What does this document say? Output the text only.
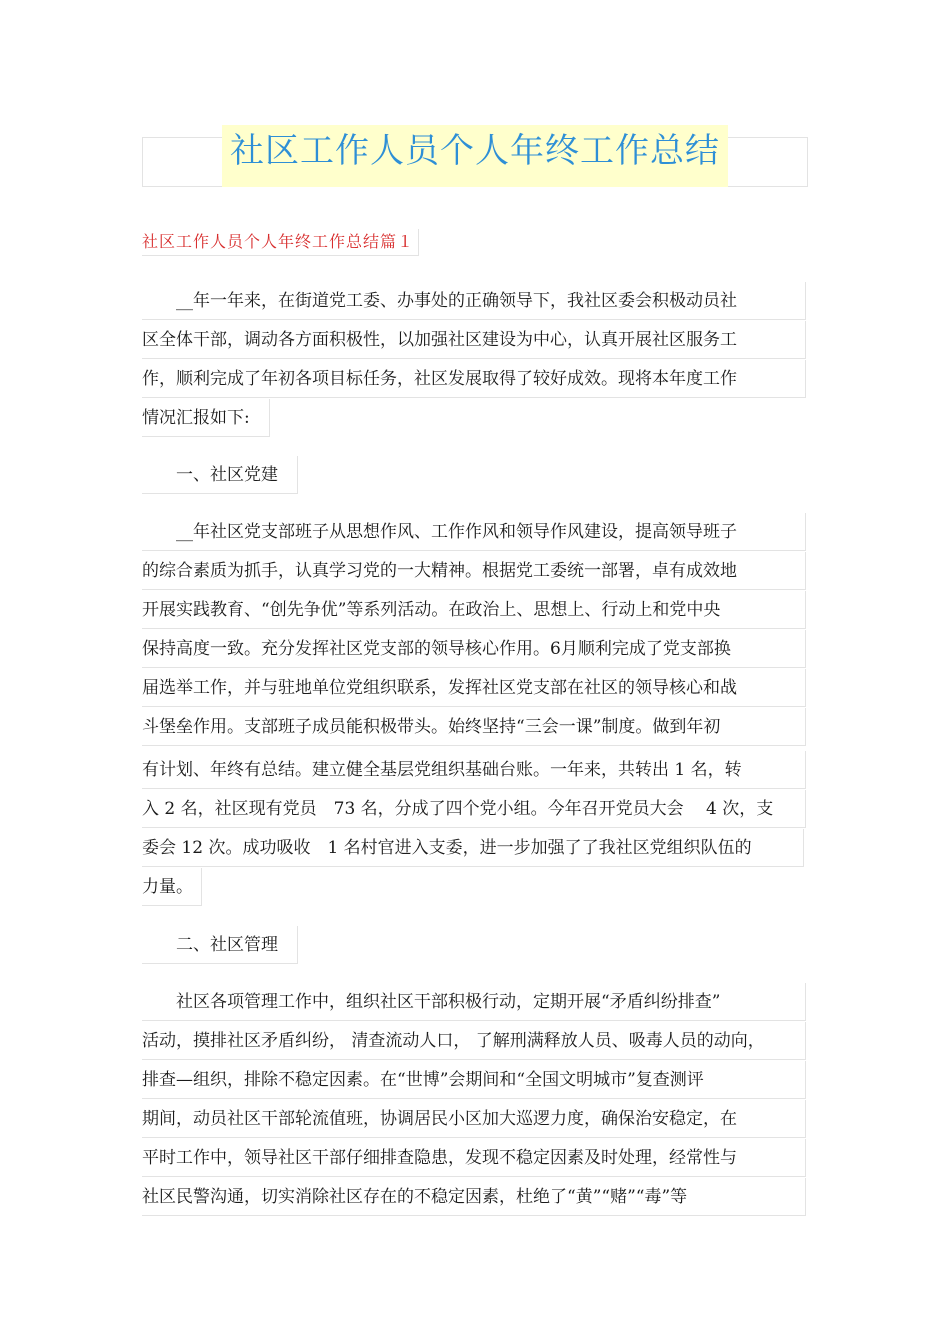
社区工作人员个人年终工作总结
社区工作人员个人年终工作总结篇１
　　__年一年来，在街道党工委、办事处的正确领导下，我社区委会积极动员社
区全体干部，调动各方面积极性，以加强社区建设为中心，认真开展社区服务工
作，顺利完成了年初各项目标任务，社区发展取得了较好成效。现将本年度工作
情况汇报如下:
　　一、社区党建
　　__年社区党支部班子从思想作风、工作作风和领导作风建设，提高领导班子
的综合素质为抓手，认真学习党的一大精神。根据党工委统一部署，卓有成效地
开展实践教育、“创先争优”等系列活动。在政治上、思想上、行动上和党中央
保持高度一致。充分发挥社区党支部的领导核心作用。6月顺利完成了党支部换
届选举工作，并与驻地单位党组织联系，发挥社区党支部在社区的领导核心和战
斗堡垒作用。支部班子成员能积极带头。始终坚持“三会一课”制度。做到年初
有计划、年终有总结。建立健全基层党组织基础台账。一年来，共转出 1 名，转
入 2 名，社区现有党员　73 名，分成了四个党小组。今年召开党员大会　 4 次，支
委会 12 次。成功吸收　1 名村官进入支委，进一步加强了了我社区党组织队伍的
力量。
　　二、社区管理
　　社区各项管理工作中，组织社区干部积极行动，定期开展“矛盾纠纷排查”
活动，摸排社区矛盾纠纷， 清查流动人口， 了解刑满释放人员、吸毒人员的动向，
排查—组织，排除不稳定因素。在“世博”会期间和“全国文明城市”复查测评
期间，动员社区干部轮流值班，协调居民小区加大巡逻力度，确保治安稳定，在
平时工作中，领导社区干部仔细排查隐患，发现不稳定因素及时处理，经常性与
社区民警沟通，切实消除社区存在的不稳定因素，杜绝了“黄”“赌”“毒”等
